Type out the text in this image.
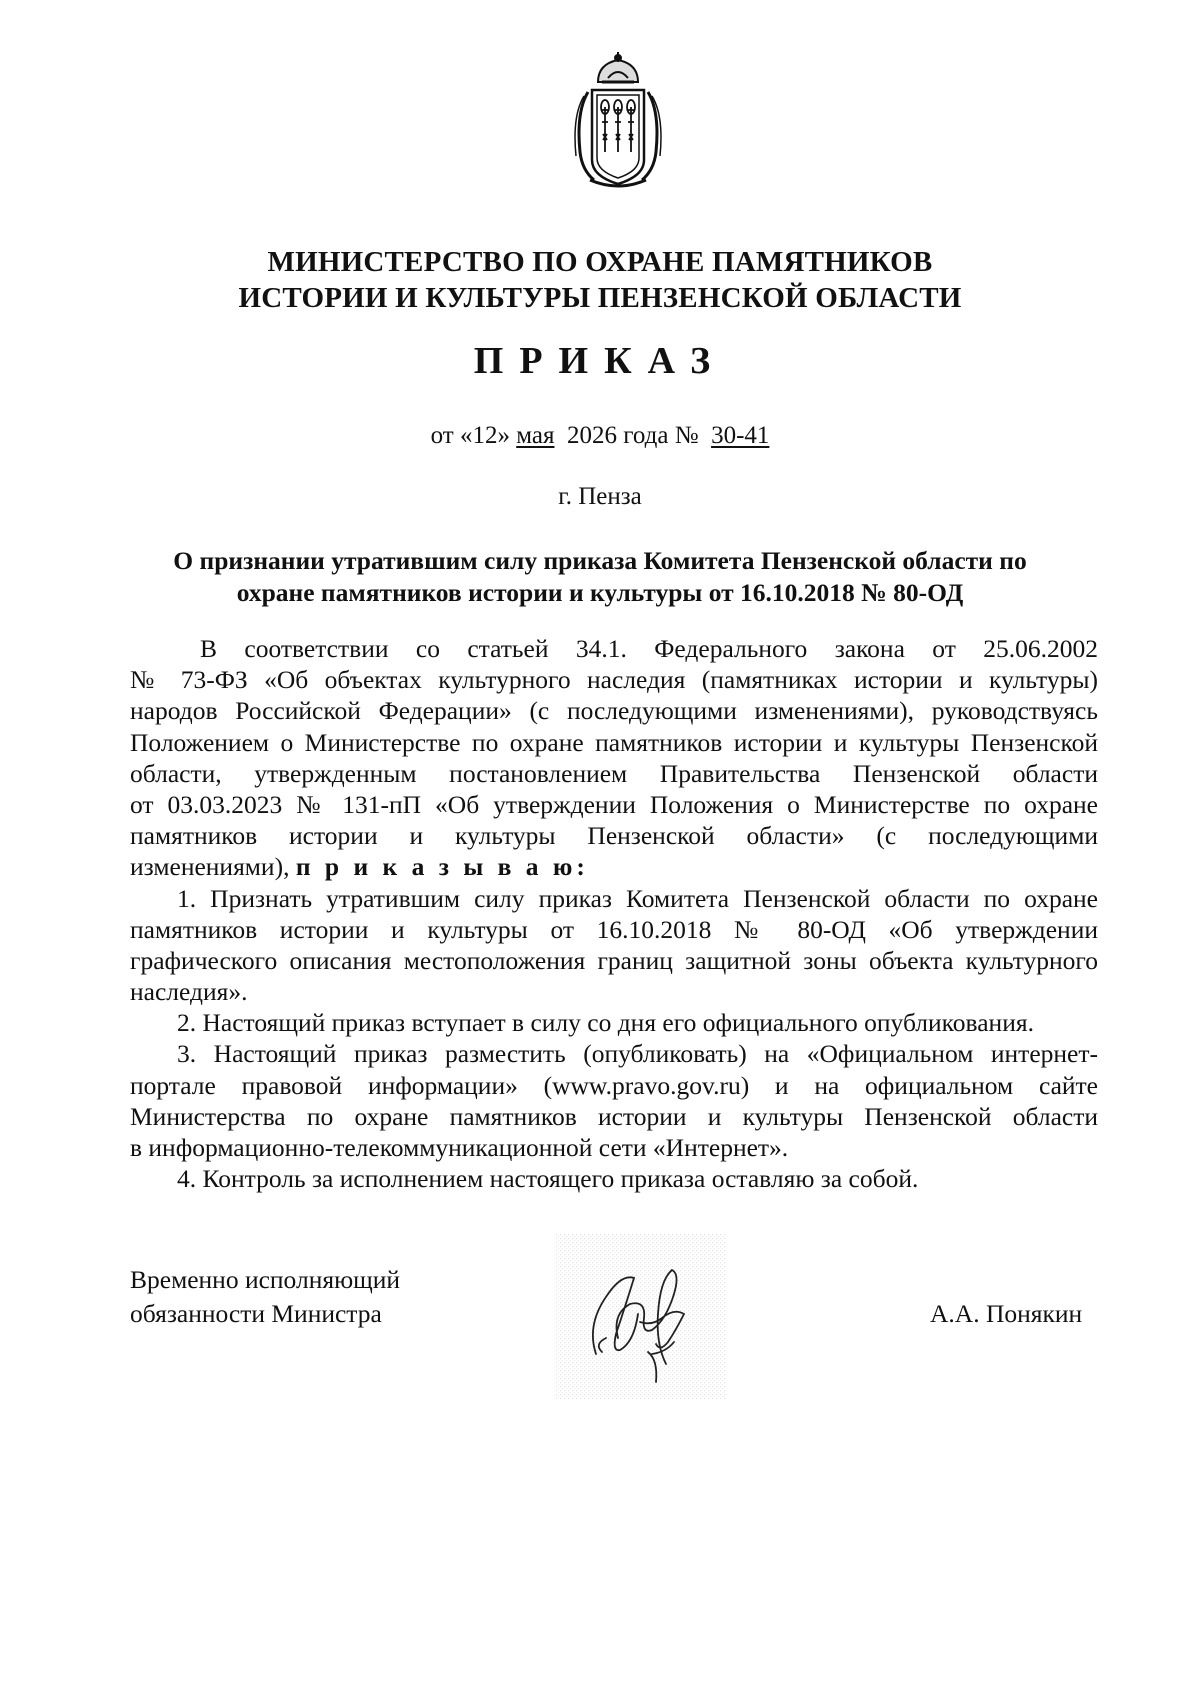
МИНИСТЕРСТВО ПО ОХРАНЕ ПАМЯТНИКОВ
ИСТОРИИ И КУЛЬТУРЫ ПЕНЗЕНСКОЙ ОБЛАСТИ
ПРИКАЗ
от «12» мая 2026 года № 30-41
г. Пенза
О признании утратившим силу приказа Комитета Пензенской области по
охране памятников истории и культуры от 16.10.2018 № 80-ОД
В соответствии со статьей 34.1. Федерального закона от 25.06.2002
№ 73-ФЗ «Об объектах культурного наследия (памятниках истории и культуры)
народов Российской Федерации» (с последующими изменениями), руководствуясь
Положением о Министерстве по охране памятников истории и культуры Пензенской
области, утвержденным постановлением Правительства Пензенской области
от 03.03.2023 № 131-пП «Об утверждении Положения о Министерстве по охране
памятников истории и культуры Пензенской области» (с последующими
изменениями), п р и к а з ы в а ю:
1. Признать утратившим силу приказ Комитета Пензенской области по охране
памятников истории и культуры от 16.10.2018 № 80-ОД «Об утверждении
графического описания местоположения границ защитной зоны объекта культурного
наследия».
2. Настоящий приказ вступает в силу со дня его официального опубликования.
3. Настоящий приказ разместить (опубликовать) на «Официальном интернет-
портале правовой информации» (www.pravo.gov.ru) и на официальном сайте
Министерства по охране памятников истории и культуры Пензенской области
в информационно-телекоммуникационной сети «Интернет».
4. Контроль за исполнением настоящего приказа оставляю за собой.
Временно исполняющий
обязанности Министра	А.А. Понякин
